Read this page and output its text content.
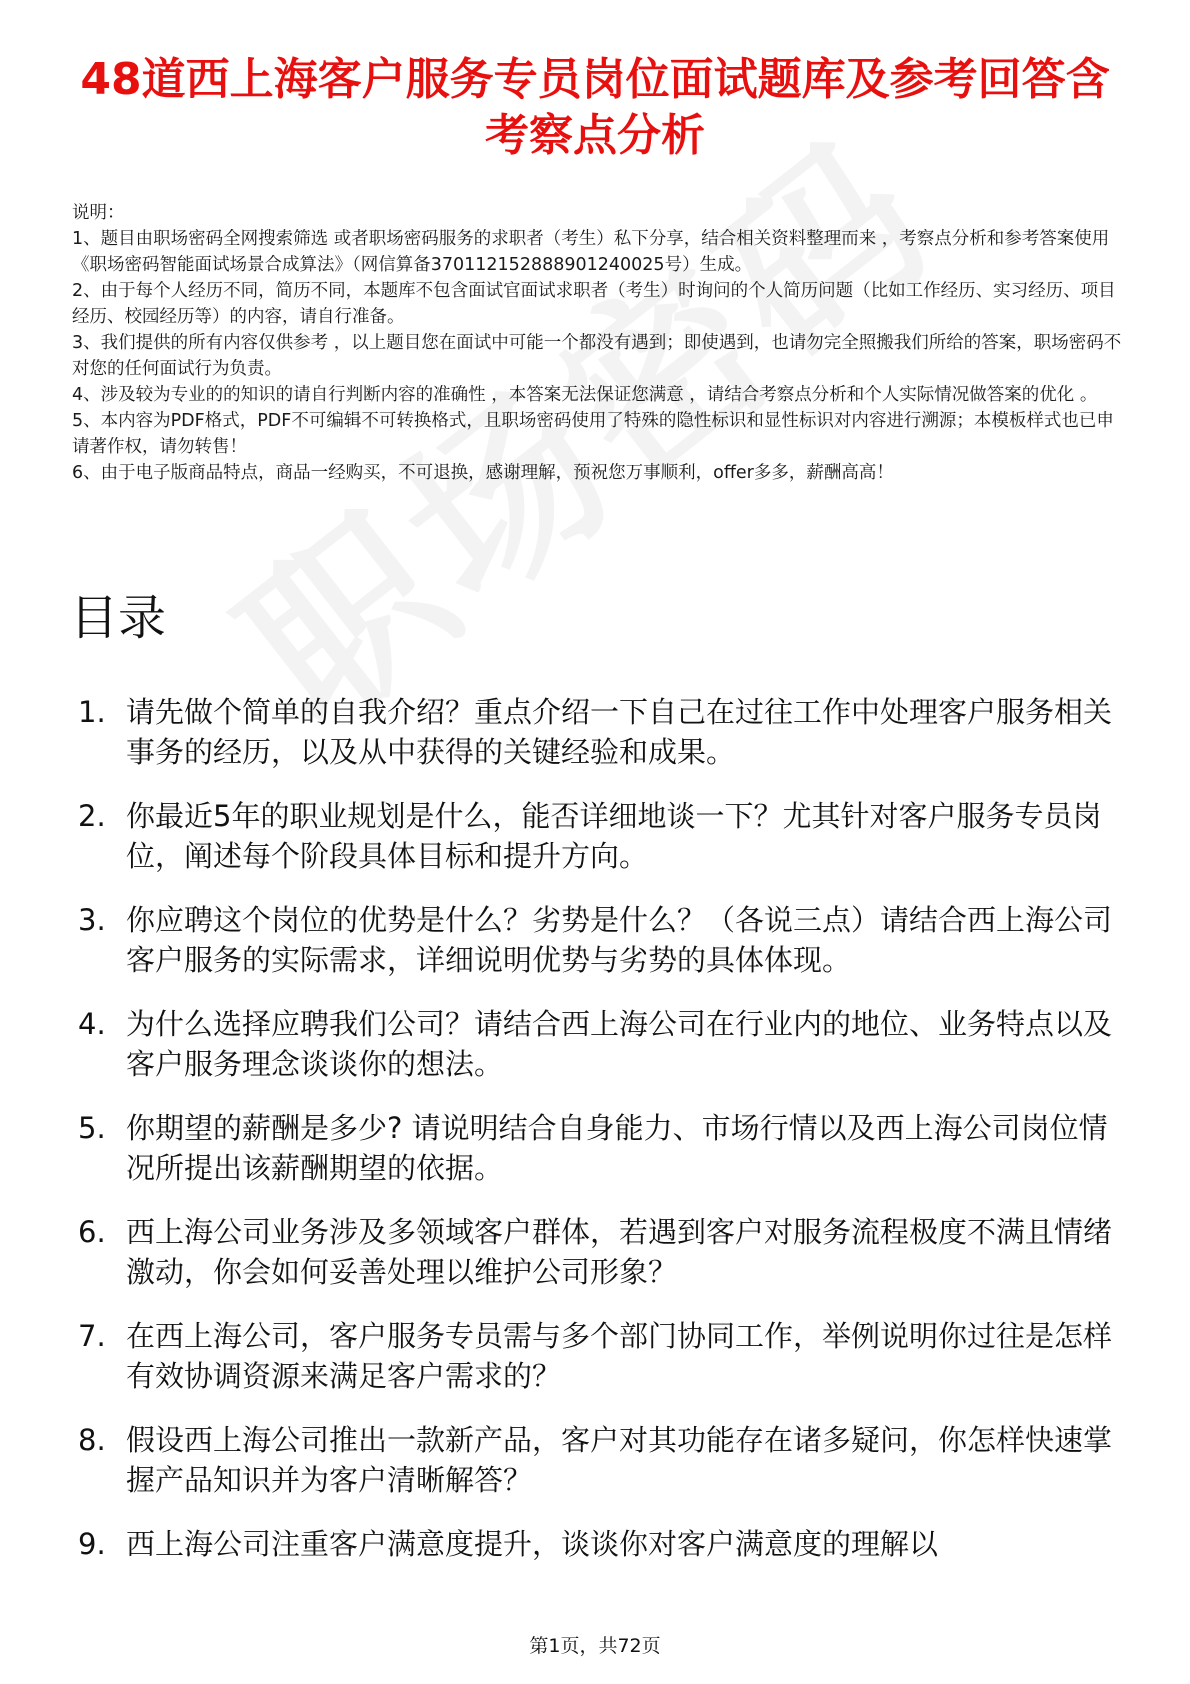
48道西上海客户服务专员岗位面试题库及参考回答含考察点分析

说明：

1、题目由职场密码全网搜索筛选 或者职场密码服务的求职者（考生）私下分享，结合相关资料整理而来 ，考察点分析和参考答案使用《职场密码智能面试场景合成算法》（网信算备370112152888901240025号）生成。

2、由于每个人经历不同，简历不同，本题库不包含面试官面试求职者（考生）时询问的个人简历问题（比如工作经历、实习经历、项目经历、校园经历等）的内容，请自行准备。

3、我们提供的所有内容仅供参考 ，以上题目您在面试中可能一个都没有遇到；即使遇到，也请勿完全照搬我们所给的答案，职场密码不对您的任何面试行为负责。

4、涉及较为专业的的知识的请自行判断内容的准确性 ，本答案无法保证您满意 ，请结合考察点分析和个人实际情况做答案的优化 。

5、本内容为PDF格式，PDF不可编辑不可转换格式，且职场密码使用了特殊的隐性标识和显性标识对内容进行溯源；本模板样式也已申请著作权，请勿转售！

6、由于电子版商品特点，商品一经购买，不可退换，感谢理解，预祝您万事顺利，offer多多，薪酬高高！

目录
1. 请先做个简单的自我介绍？重点介绍一下自己在过往工作中处理客户服务相关事务的经历，以及从中获得的关键经验和成果。
2. 你最近5年的职业规划是什么，能否详细地谈一下？尤其针对客户服务专员岗位，阐述每个阶段具体目标和提升方向。
3. 你应聘这个岗位的优势是什么？劣势是什么？（各说三点）请结合西上海公司客户服务的实际需求，详细说明优势与劣势的具体体现。
4. 为什么选择应聘我们公司？请结合西上海公司在行业内的地位、业务特点以及客户服务理念谈谈你的想法。
5. 你期望的薪酬是多少? 请说明结合自身能力、市场行情以及西上海公司岗位情况所提出该薪酬期望的依据。
6. 西上海公司业务涉及多领域客户群体，若遇到客户对服务流程极度不满且情绪激动，你会如何妥善处理以维护公司形象？
7. 在西上海公司，客户服务专员需与多个部门协同工作，举例说明你过往是怎样有效协调资源来满足客户需求的？
8. 假设西上海公司推出一款新产品，客户对其功能存在诸多疑问，你怎样快速掌握产品知识并为客户清晰解答？
9. 西上海公司注重客户满意度提升，谈谈你对客户满意度的理解以
第1页，共72页
